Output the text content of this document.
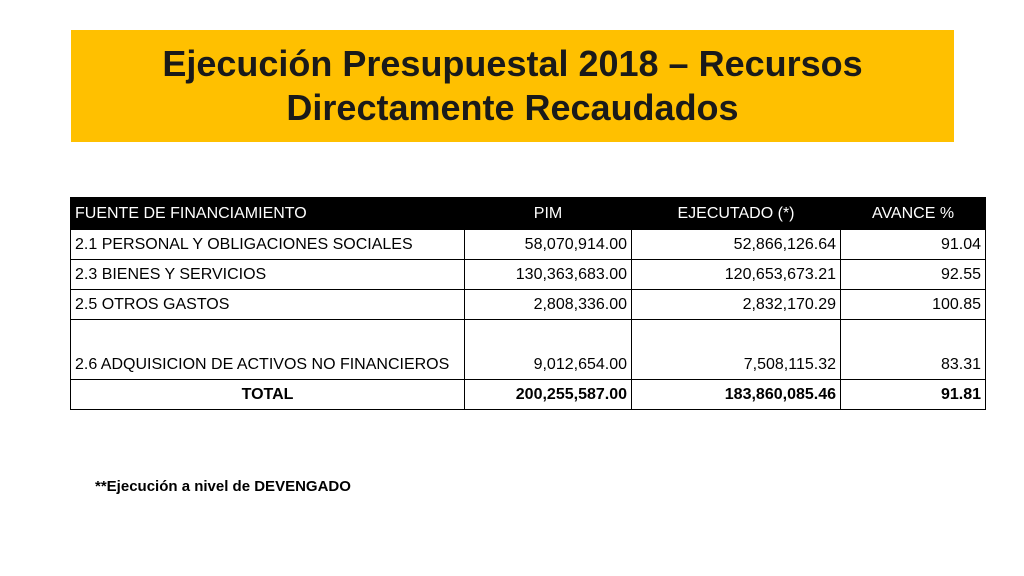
Ejecución Presupuestal 2018 – Recursos
Directamente Recaudados
FUENTE DE FINANCIAMIENTO	PIM	EJECUTADO (*)	AVANCE %
2.1 PERSONAL Y OBLIGACIONES SOCIALES	58,070,914.00	52,866,126.64	91.04
2.3 BIENES Y SERVICIOS	130,363,683.00	120,653,673.21	92.55
2.5 OTROS GASTOS	2,808,336.00	2,832,170.29	100.85
2.6 ADQUISICION DE ACTIVOS NO FINANCIEROS	9,012,654.00	7,508,115.32	83.31
TOTAL	200,255,587.00	183,860,085.46	91.81
**Ejecución a nivel de DEVENGADO
